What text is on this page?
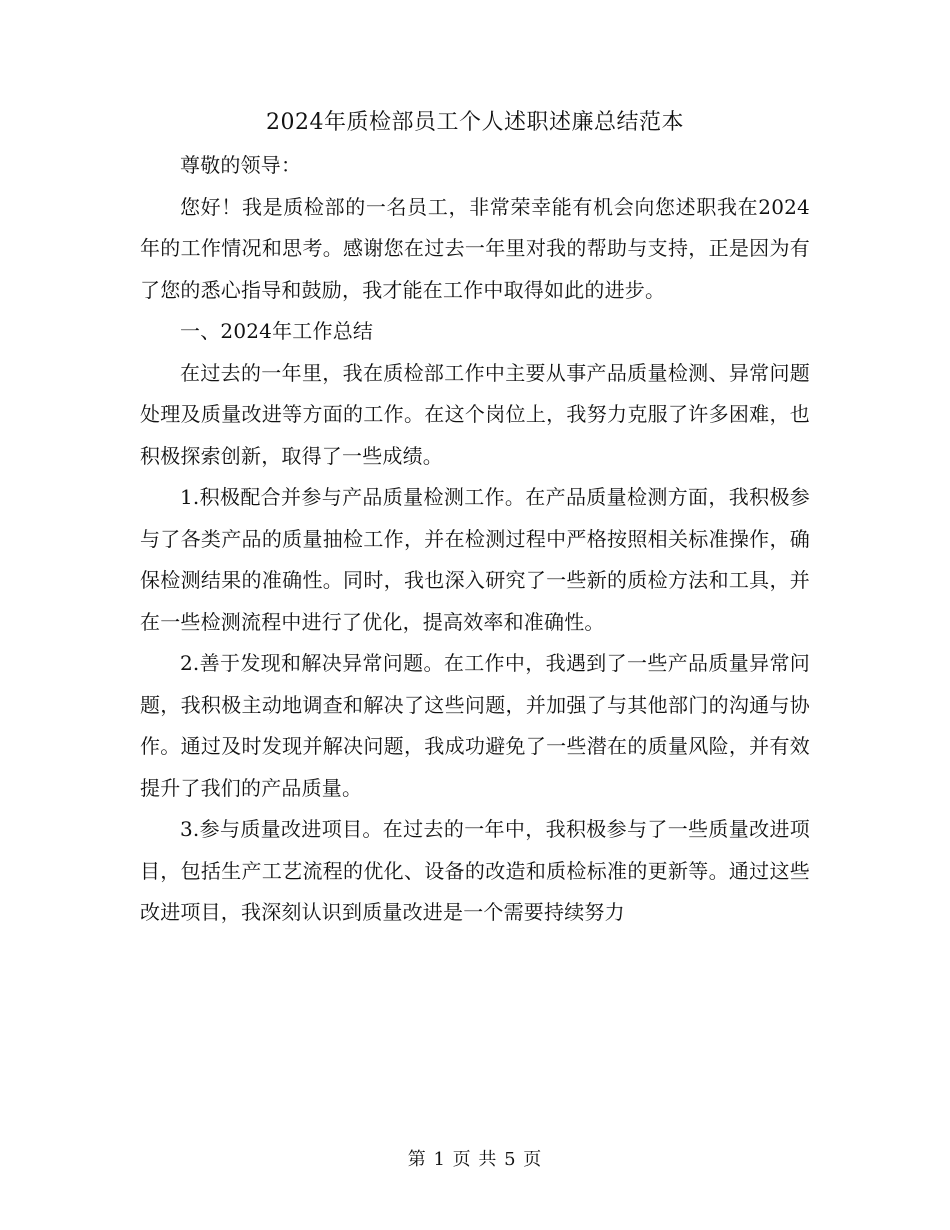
2024年质检部员工个人述职述廉总结范本

尊敬的领导：

您好！我是质检部的一名员工，非常荣幸能有机会向您述职我在2024年的工作情况和思考。感谢您在过去一年里对我的帮助与支持，正是因为有了您的悉心指导和鼓励，我才能在工作中取得如此的进步。

一、2024年工作总结

在过去的一年里，我在质检部工作中主要从事产品质量检测、异常问题处理及质量改进等方面的工作。在这个岗位上，我努力克服了许多困难，也积极探索创新，取得了一些成绩。

1.积极配合并参与产品质量检测工作。在产品质量检测方面，我积极参与了各类产品的质量抽检工作，并在检测过程中严格按照相关标准操作，确保检测结果的准确性。同时，我也深入研究了一些新的质检方法和工具，并在一些检测流程中进行了优化，提高效率和准确性。

2.善于发现和解决异常问题。在工作中，我遇到了一些产品质量异常问题，我积极主动地调查和解决了这些问题，并加强了与其他部门的沟通与协作。通过及时发现并解决问题，我成功避免了一些潜在的质量风险，并有效提升了我们的产品质量。

3.参与质量改进项目。在过去的一年中，我积极参与了一些质量改进项目，包括生产工艺流程的优化、设备的改造和质检标准的更新等。通过这些改进项目，我深刻认识到质量改进是一个需要持续努力

第 1 页 共 5 页
